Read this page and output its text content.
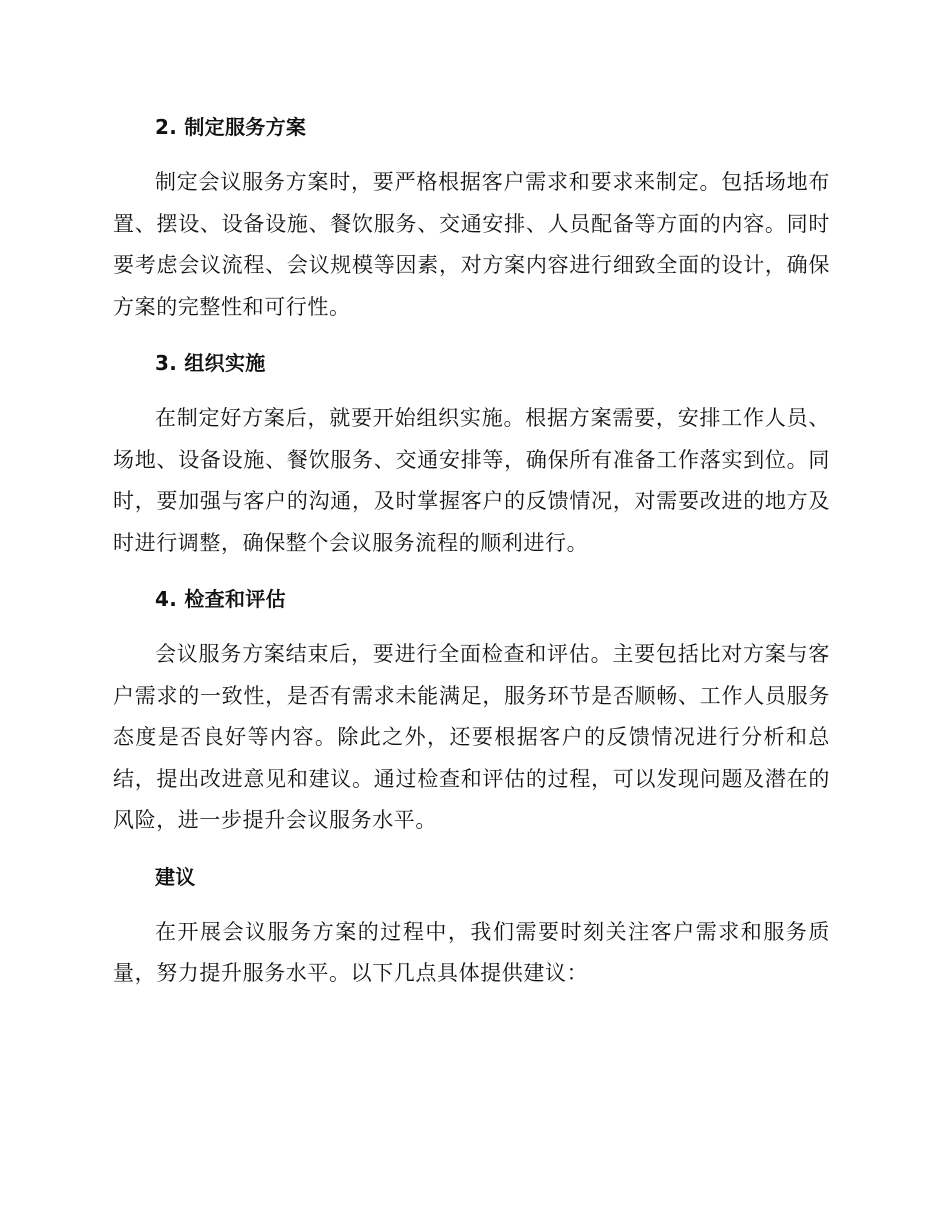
2. 制定服务方案

制定会议服务方案时，要严格根据客户需求和要求来制定。包括场地布置、摆设、设备设施、餐饮服务、交通安排、人员配备等方面的内容。同时要考虑会议流程、会议规模等因素，对方案内容进行细致全面的设计，确保方案的完整性和可行性。

3. 组织实施

在制定好方案后，就要开始组织实施。根据方案需要，安排工作人员、场地、设备设施、餐饮服务、交通安排等，确保所有准备工作落实到位。同时，要加强与客户的沟通，及时掌握客户的反馈情况，对需要改进的地方及时进行调整，确保整个会议服务流程的顺利进行。

4. 检查和评估

会议服务方案结束后，要进行全面检查和评估。主要包括比对方案与客户需求的一致性，是否有需求未能满足，服务环节是否顺畅、工作人员服务态度是否良好等内容。除此之外，还要根据客户的反馈情况进行分析和总结，提出改进意见和建议。通过检查和评估的过程，可以发现问题及潜在的风险，进一步提升会议服务水平。

建议

在开展会议服务方案的过程中，我们需要时刻关注客户需求和服务质量，努力提升服务水平。以下几点具体提供建议：
